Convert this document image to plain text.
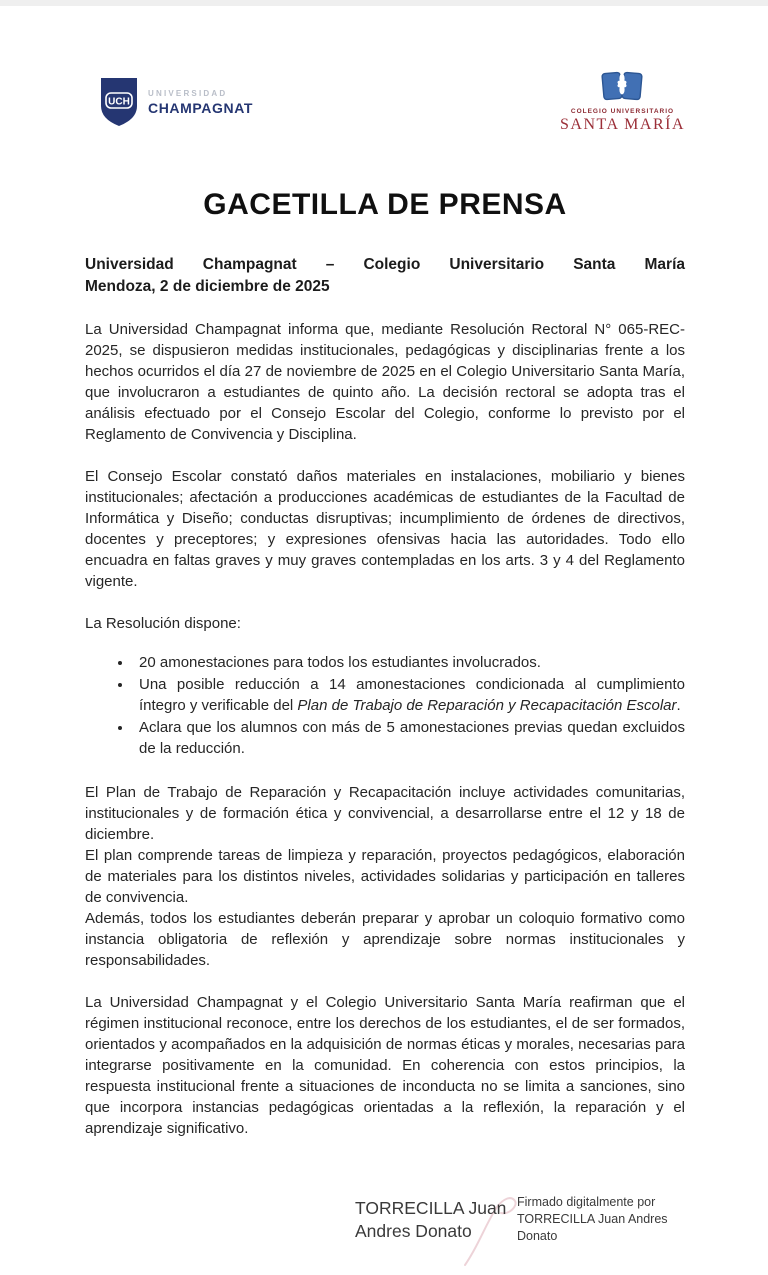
UCH
UNIVERSIDAD
CHAMPAGNAT	COLEGIO UNIVERSITARIO
SANTA MARÍA
GACETILLA DE PRENSA
Universidad Champagnat – Colegio Universitario Santa María
Mendoza, 2 de diciembre de 2025

La Universidad Champagnat informa que, mediante Resolución Rectoral N° 065-REC-2025, se dispusieron medidas institucionales, pedagógicas y disciplinarias frente a los hechos ocurridos el día 27 de noviembre de 2025 en el Colegio Universitario Santa María, que involucraron a estudiantes de quinto año. La decisión rectoral se adopta tras el análisis efectuado por el Consejo Escolar del Colegio, conforme lo previsto por el Reglamento de Convivencia y Disciplina.

El Consejo Escolar constató daños materiales en instalaciones, mobiliario y bienes institucionales; afectación a producciones académicas de estudiantes de la Facultad de Informática y Diseño; conductas disruptivas; incumplimiento de órdenes de directivos, docentes y preceptores; y expresiones ofensivas hacia las autoridades. Todo ello encuadra en faltas graves y muy graves contempladas en los arts. 3 y 4 del Reglamento vigente.

La Resolución dispone:

• 20 amonestaciones para todos los estudiantes involucrados.
• Una posible reducción a 14 amonestaciones condicionada al cumplimiento íntegro y verificable del Plan de Trabajo de Reparación y Recapacitación Escolar.
• Aclara que los alumnos con más de 5 amonestaciones previas quedan excluidos de la reducción.

El Plan de Trabajo de Reparación y Recapacitación incluye actividades comunitarias, institucionales y de formación ética y convivencial, a desarrollarse entre el 12 y 18 de diciembre.

El plan comprende tareas de limpieza y reparación, proyectos pedagógicos, elaboración de materiales para los distintos niveles, actividades solidarias y participación en talleres de convivencia.

Además, todos los estudiantes deberán preparar y aprobar un coloquio formativo como instancia obligatoria de reflexión y aprendizaje sobre normas institucionales y responsabilidades.

La Universidad Champagnat y el Colegio Universitario Santa María reafirman que el régimen institucional reconoce, entre los derechos de los estudiantes, el de ser formados, orientados y acompañados en la adquisición de normas éticas y morales, necesarias para integrarse positivamente en la comunidad. En coherencia con estos principios, la respuesta institucional frente a situaciones de inconducta no se limita a sanciones, sino que incorpora instancias pedagógicas orientadas a la reflexión, la reparación y el aprendizaje significativo.

TORRECILLA Juan Andres Donato
Firmado digitalmente por TORRECILLA Juan Andres Donato
